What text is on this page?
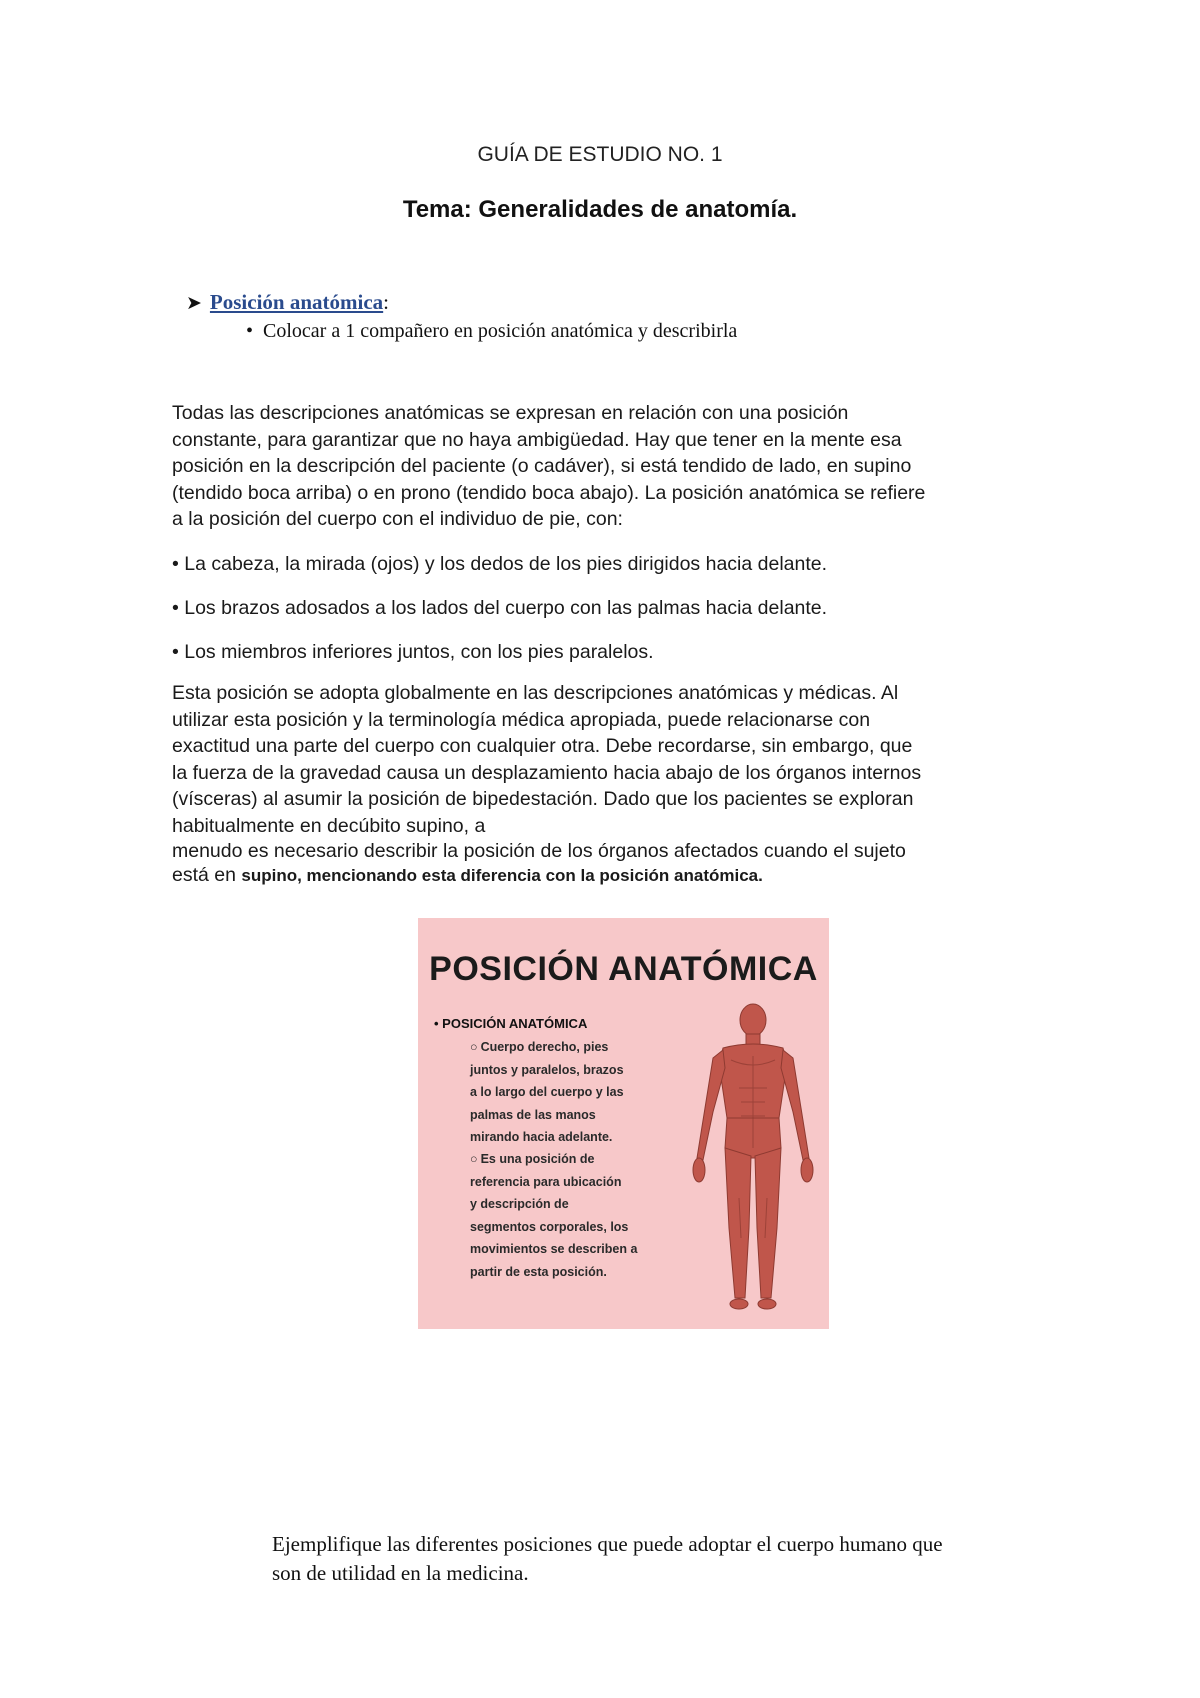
GUÍA DE ESTUDIO NO. 1
Tema: Generalidades de anatomía.
➤ Posición anatómica:
• Colocar a 1 compañero en posición anatómica y describirla
Todas las descripciones anatómicas se expresan en relación con una posición
constante, para garantizar que no haya ambigüedad. Hay que tener en la mente esa
posición en la descripción del paciente (o cadáver), si está tendido de lado, en supino
(tendido boca arriba) o en prono (tendido boca abajo). La posición anatómica se refiere
a la posición del cuerpo con el individuo de pie, con:
• La cabeza, la mirada (ojos) y los dedos de los pies dirigidos hacia delante.
• Los brazos adosados a los lados del cuerpo con las palmas hacia delante.
• Los miembros inferiores juntos, con los pies paralelos.
Esta posición se adopta globalmente en las descripciones anatómicas y médicas. Al
utilizar esta posición y la terminología médica apropiada, puede relacionarse con
exactitud una parte del cuerpo con cualquier otra. Debe recordarse, sin embargo, que
la fuerza de la gravedad causa un desplazamiento hacia abajo de los órganos internos
(vísceras) al asumir la posición de bipedestación. Dado que los pacientes se exploran
habitualmente en decúbito supino, a
menudo es necesario describir la posición de los órganos afectados cuando el sujeto
está en supino, mencionando esta diferencia con la posición anatómica.
POSICIÓN ANATÓMICA
• POSICIÓN ANATÓMICA
○ Cuerpo derecho, pies
juntos y paralelos, brazos
a lo largo del cuerpo y las
palmas de las manos
mirando hacia adelante.
○ Es una posición de
referencia para ubicación
y descripción de
segmentos corporales, los
movimientos se describen a
partir de esta posición.
Ejemplifique las diferentes posiciones que puede adoptar el cuerpo humano que
son de utilidad en la medicina.
